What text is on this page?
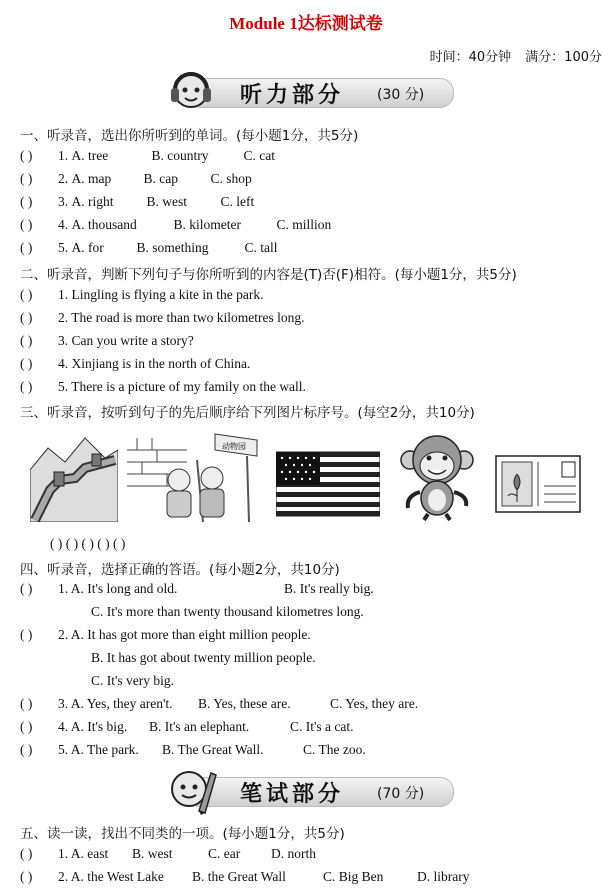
Module 1达标测试卷
时间：40分钟 满分：100分
听力部分 (30 分)
一、听录音，选出你所听到的单词。(每小题1分，共5分)
( ) 1. A. tree	B. country	C. cat
( ) 2. A. map B. cap C. shop
( ) 3. A. right B. west C. left
( ) 4. A. thousand	B. kilometer	C. million
( ) 5. A. for B. something	C. tall
二、听录音，判断下列句子与你所听到的内容是(T)否(F)相符。(每小题1分，共5分)
( ) 1. Lingling is flying a kite in the park.
( ) 2. The road is more than two kilometres long.
( ) 3. Can you write a story?
( ) 4. Xinjiang is in the north of China.
( ) 5. There is a picture of my family on the wall.
三、听录音，按听到句子的先后顺序给下列图片标序号。(每空2分，共10分)
动物园
( ) ( ) ( ) ( ) ( )
四、听录音，选择正确的答语。(每小题2分，共10分)
( ) 1. A. It's long and old.	B. It's really big.
C. It's more than twenty thousand kilometres long.
( ) 2. A. It has got more than eight million people.
B. It has got about twenty million people.
C. It's very big.
( ) 3. A. Yes, they aren't. B. Yes, these are.	C. Yes, they are.
( ) 4. A. It's big. B. It's an elephant.	C. It's a cat.
( ) 5. A. The park. B. The Great Wall.	C. The zoo.
笔试部分 (70 分)
五、读一读，找出不同类的一项。(每小题1分，共5分)
( ) 1. A. east B. west	C. ear D. north
( ) 2. A. the West Lake B. the Great Wall	C. Big Ben D. library
